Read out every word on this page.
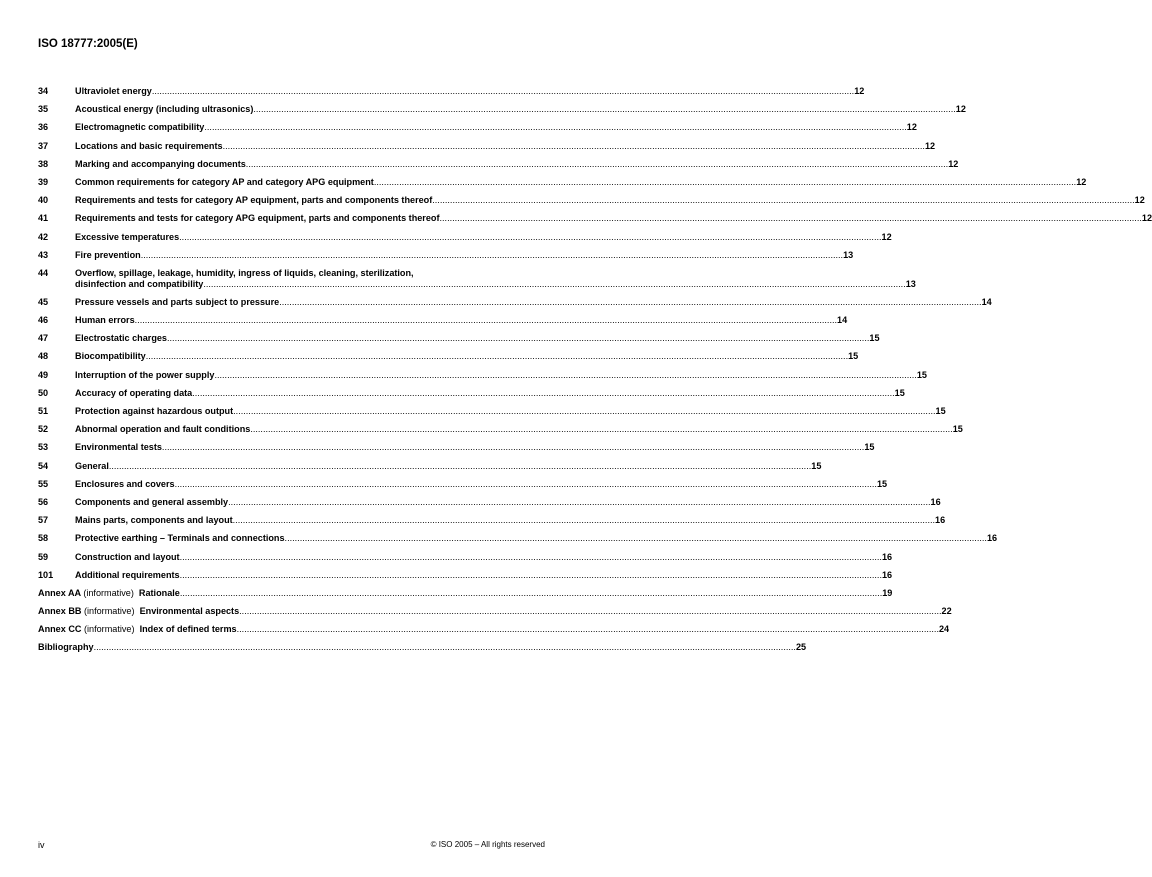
ISO 18777:2005(E)
34	Ultraviolet energy .....	12
35	Acoustical energy (including ultrasonics) .....	12
36	Electromagnetic compatibility .....	12
37	Locations and basic requirements .....	12
38	Marking and accompanying documents .....	12
39	Common requirements for category AP and category APG equipment .....	12
40	Requirements and tests for category AP equipment, parts and components thereof .....	12
41	Requirements and tests for category APG equipment, parts and components thereof .....	12
42	Excessive temperatures .....	12
43	Fire prevention .....	13
44	Overflow, spillage, leakage, humidity, ingress of liquids, cleaning, sterilization,
disinfection and compatibility .....	13
45	Pressure vessels and parts subject to pressure .....	14
46	Human errors .....	14
47	Electrostatic charges .....	15
48	Biocompatibility .....	15
49	Interruption of the power supply .....	15
50	Accuracy of operating data .....	15
51	Protection against hazardous output .....	15
52	Abnormal operation and fault conditions .....	15
53	Environmental tests .....	15
54	General .....	15
55	Enclosures and covers .....	15
56	Components and general assembly .....	16
57	Mains parts, components and layout .....	16
58	Protective earthing – Terminals and connections .....	16
59	Construction and layout .....	16
101	Additional requirements .....	16
Annex AA (informative) Rationale .....	19
Annex BB (informative) Environmental aspects .....	22
Annex CC (informative) Index of defined terms .....	24
Bibliography .....	25
iv	© ISO 2005 – All rights reserved
